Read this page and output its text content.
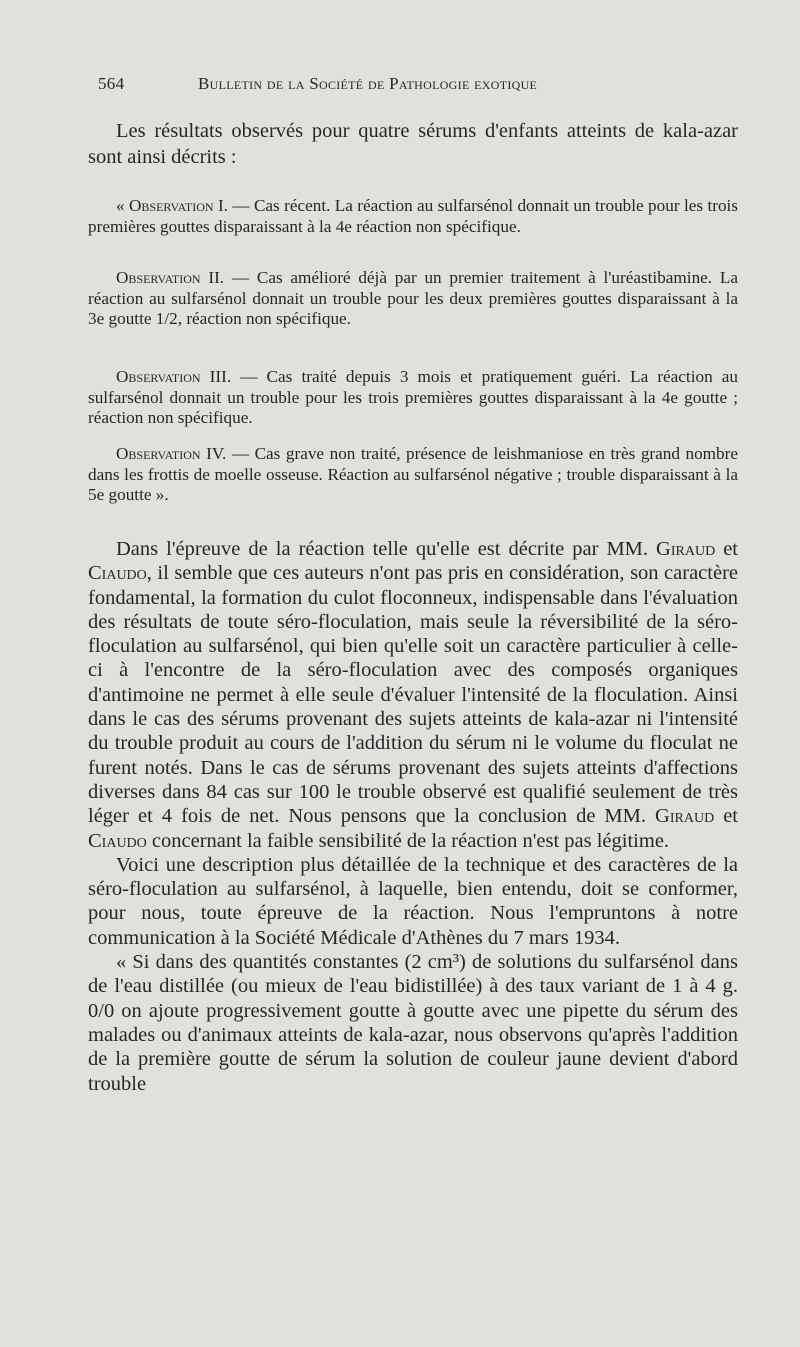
564	Bulletin de la Société de Pathologie exotique

Les résultats observés pour quatre sérums d'enfants atteints de kala-azar sont ainsi décrits :

« Observation I. — Cas récent. La réaction au sulfarsénol donnait un trouble pour les trois premières gouttes disparaissant à la 4e réaction non spécifique.

Observation II. — Cas amélioré déjà par un premier traitement à l'uréastibamine. La réaction au sulfarsénol donnait un trouble pour les deux premières gouttes disparaissant à la 3e goutte 1/2, réaction non spécifique.

Observation III. — Cas traité depuis 3 mois et pratiquement guéri. La réaction au sulfarsénol donnait un trouble pour les trois premières gouttes disparaissant à la 4e goutte ; réaction non spécifique.

Observation IV. — Cas grave non traité, présence de leishmaniose en très grand nombre dans les frottis de moelle osseuse. Réaction au sulfarsénol négative ; trouble disparaissant à la 5e goutte ».

Dans l'épreuve de la réaction telle qu'elle est décrite par MM. Giraud et Ciaudo, il semble que ces auteurs n'ont pas pris en considération, son caractère fondamental, la formation du culot floconneux, indispensable dans l'évaluation des résultats de toute séro-floculation, mais seule la réversibilité de la séro-floculation au sulfarsénol, qui bien qu'elle soit un caractère particulier à celle-ci à l'encontre de la séro-floculation avec des composés organiques d'antimoine ne permet à elle seule d'évaluer l'intensité de la floculation. Ainsi dans le cas des sérums provenant des sujets atteints de kala-azar ni l'intensité du trouble produit au cours de l'addition du sérum ni le volume du floculat ne furent notés. Dans le cas de sérums provenant des sujets atteints d'affections diverses dans 84 cas sur 100 le trouble observé est qualifié seulement de très léger et 4 fois de net. Nous pensons que la conclusion de MM. Giraud et Ciaudo concernant la faible sensibilité de la réaction n'est pas légitime.

Voici une description plus détaillée de la technique et des caractères de la séro-floculation au sulfarsénol, à laquelle, bien entendu, doit se conformer, pour nous, toute épreuve de la réaction. Nous l'empruntons à notre communication à la Société Médicale d'Athènes du 7 mars 1934.

« Si dans des quantités constantes (2 cm³) de solutions du sulfarsénol dans de l'eau distillée (ou mieux de l'eau bidistillée) à des taux variant de 1 à 4 g. 0/0 on ajoute progressivement goutte à goutte avec une pipette du sérum des malades ou d'animaux atteints de kala-azar, nous observons qu'après l'addition de la première goutte de sérum la solution de couleur jaune devient d'abord trouble
